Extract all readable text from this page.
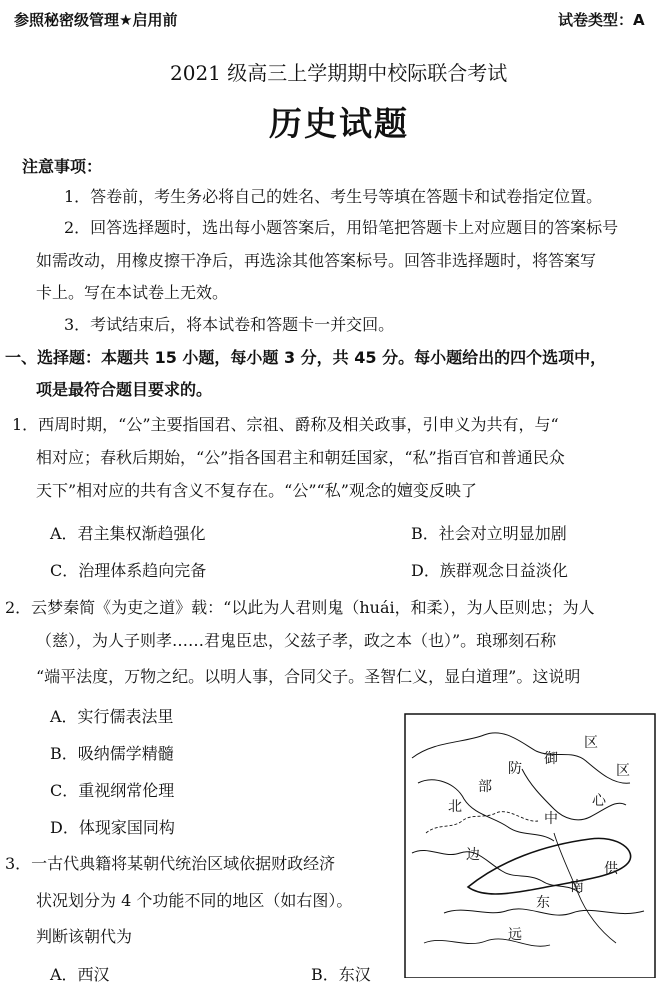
参照秘密级管理★启用前	试卷类型：A
2021 级高三上学期期中校际联合考试
历史试题
注意事项：
1．答卷前，考生务必将自己的姓名、考生号等填在答题卡和试卷指定位置。
2．回答选择题时，选出每小题答案后，用铅笔把答题卡上对应题目的答案标号
如需改动，用橡皮擦干净后，再选涂其他答案标号。回答非选择题时，将答案写
卡上。写在本试卷上无效。
3．考试结束后，将本试卷和答题卡一并交回。
一、选择题：本题共 15 小题，每小题 3 分，共 45 分。每小题给出的四个选项中，
项是最符合题目要求的。
1．西周时期，“公”主要指国君、宗祖、爵称及相关政事，引申义为共有，与“
相对应；春秋后期始，“公”指各国君主和朝廷国家，“私”指百官和普通民众
天下”相对应的共有含义不复存在。“公”“私”观念的嬗变反映了
A．君主集权渐趋强化	B．社会对立明显加剧
C．治理体系趋向完备	D．族群观念日益淡化
2．云梦秦简《为吏之道》载：“以此为人君则鬼（huái，和柔），为人臣则忠；为人
（慈），为人子则孝……君鬼臣忠，父兹子孝，政之本（也）”。琅琊刻石称
“端平法度，万物之纪。以明人事，合同父子。圣智仁义，显白道理”。这说明
A．实行儒表法里
B．吸纳儒学精髓
C．重视纲常伦理
D．体现家国同构
3．一古代典籍将某朝代统治区域依据财政经济
状况划分为 4 个功能不同的地区（如右图）。
判断该朝代为
A．西汉	B．东汉
区
御
防	区
部
北	心
中
边
供
南
东
远
